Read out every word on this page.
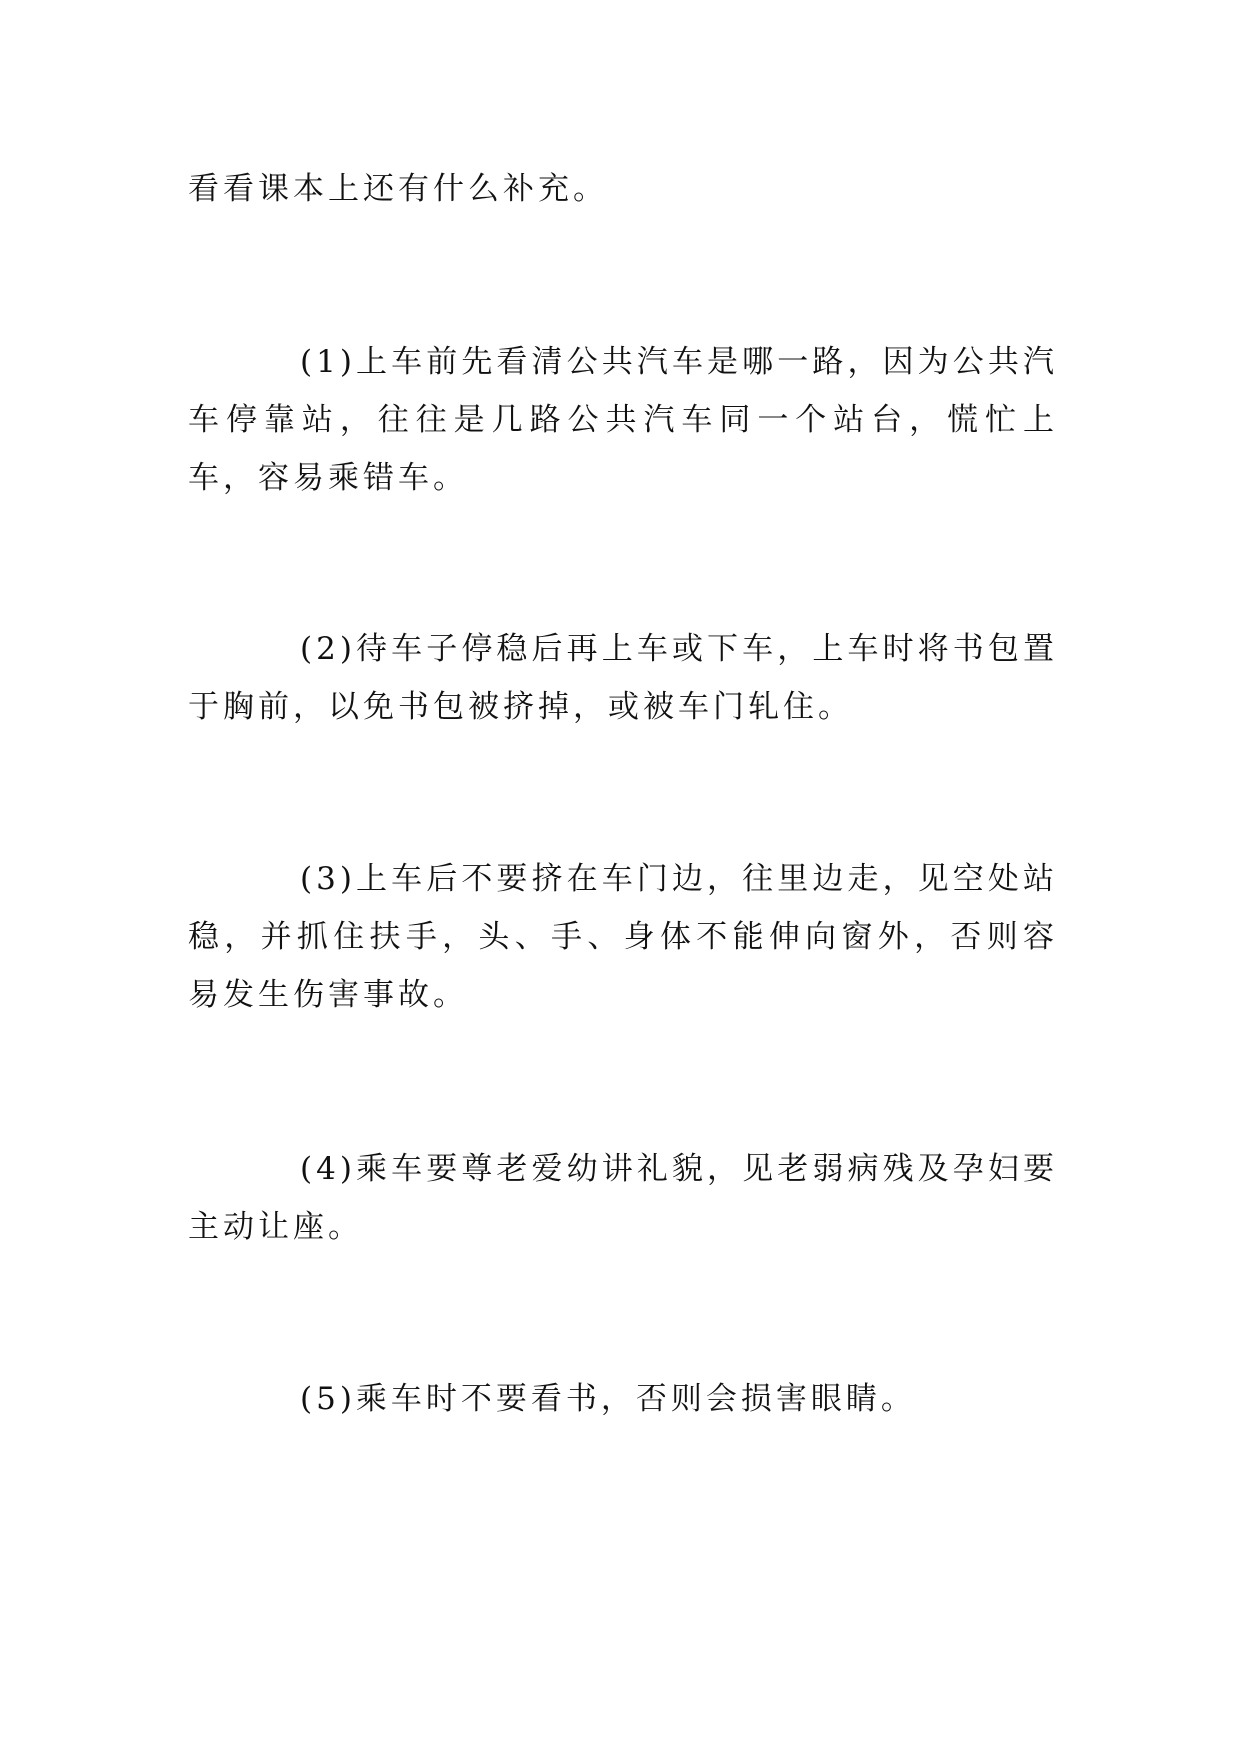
看看课本上还有什么补充。

(1)上车前先看清公共汽车是哪一路，因为公共汽车停靠站，往往是几路公共汽车同一个站台，慌忙上车，容易乘错车。

(2)待车子停稳后再上车或下车，上车时将书包置于胸前，以免书包被挤掉，或被车门轧住。

(3)上车后不要挤在车门边，往里边走，见空处站稳，并抓住扶手，头、手、身体不能伸向窗外，否则容易发生伤害事故。

(4)乘车要尊老爱幼讲礼貌，见老弱病残及孕妇要主动让座。

(5)乘车时不要看书，否则会损害眼睛。
